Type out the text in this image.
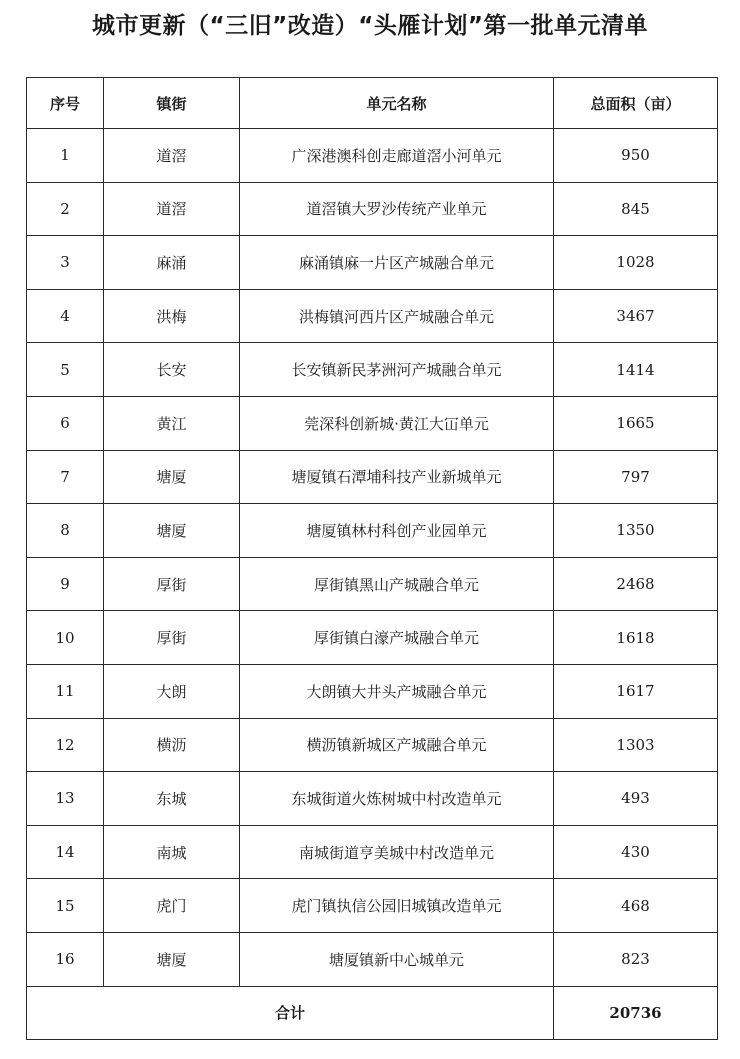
城市更新（“三旧”改造）“头雁计划”第一批单元清单
序号	镇街	单元名称	总面积（亩）
1	道滘	广深港澳科创走廊道滘小河单元	950
2	道滘	道滘镇大罗沙传统产业单元	845
3	麻涌	麻涌镇麻一片区产城融合单元	1028
4	洪梅	洪梅镇河西片区产城融合单元	3467
5	长安	长安镇新民茅洲河产城融合单元	1414
6	黄江	莞深科创新城·黄江大冚单元	1665
7	塘厦	塘厦镇石潭埔科技产业新城单元	797
8	塘厦	塘厦镇林村科创产业园单元	1350
9	厚街	厚街镇黑山产城融合单元	2468
10	厚街	厚街镇白濠产城融合单元	1618
11	大朗	大朗镇大井头产城融合单元	1617
12	横沥	横沥镇新城区产城融合单元	1303
13	东城	东城街道火炼树城中村改造单元	493
14	南城	南城街道亨美城中村改造单元	430
15	虎门	虎门镇执信公园旧城镇改造单元	468
16	塘厦	塘厦镇新中心城单元	823
合计			20736
